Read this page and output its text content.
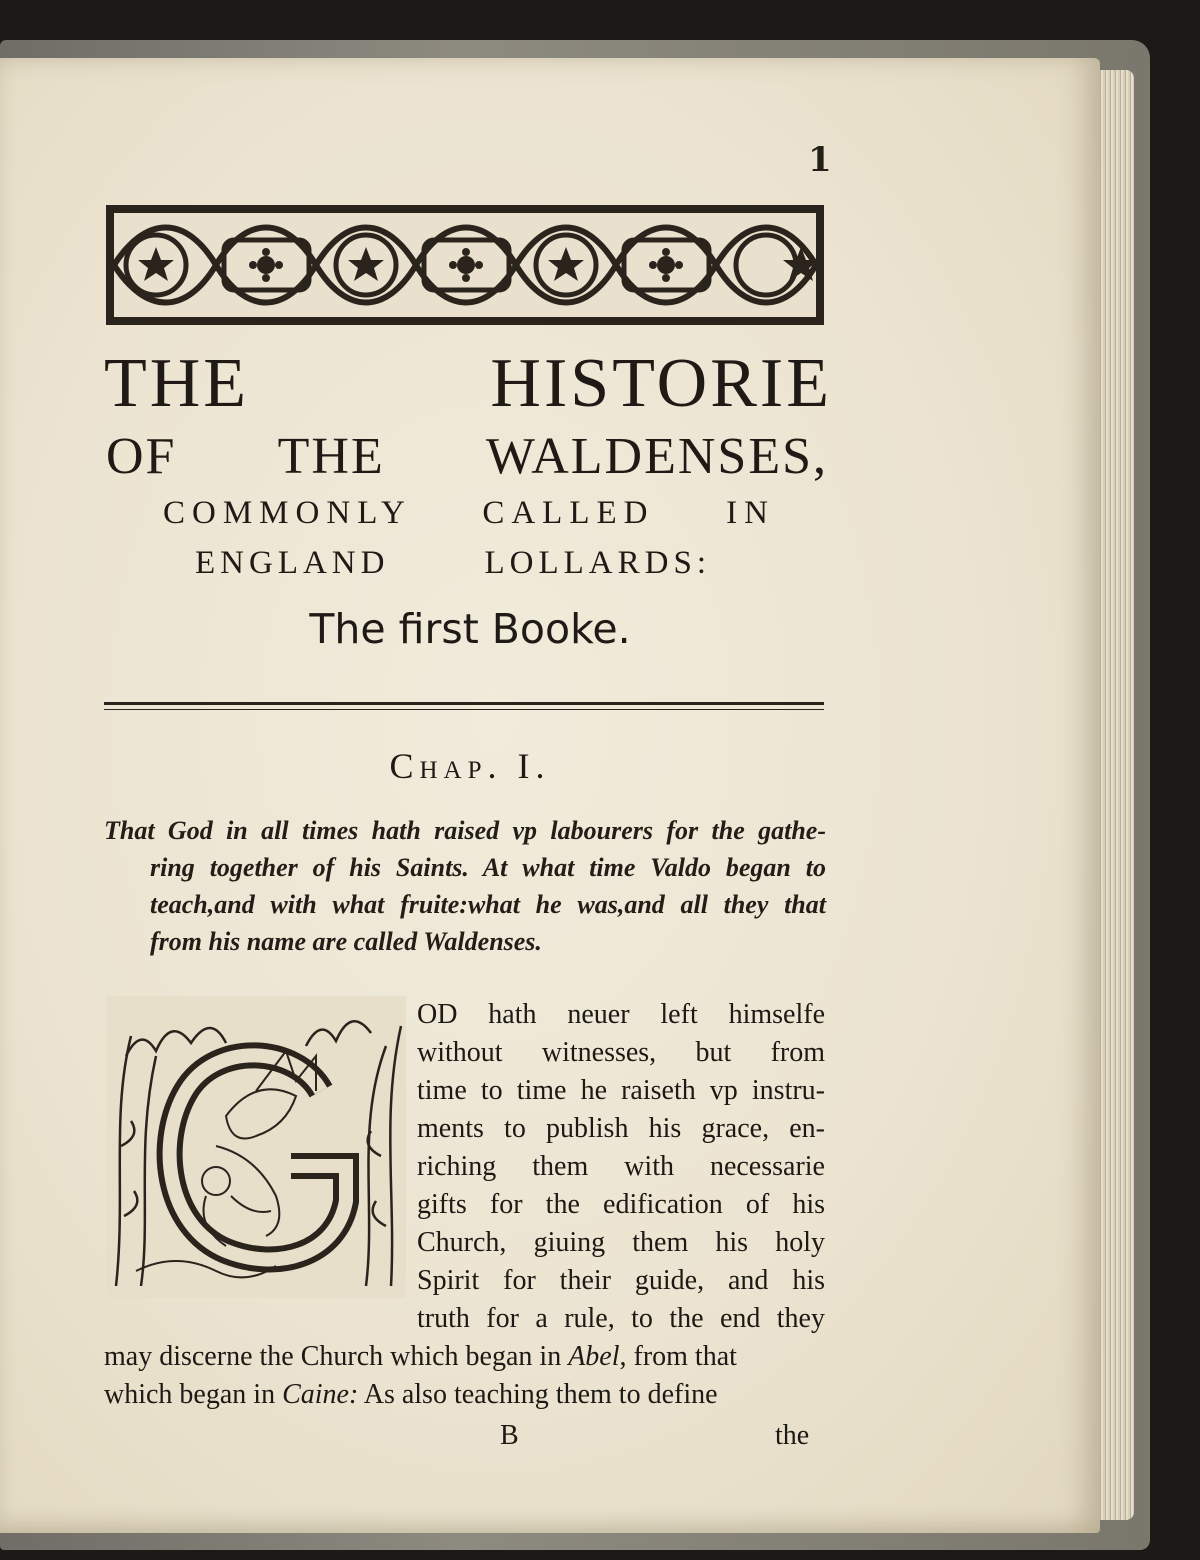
1
THE HISTORIE
OF THE WALDENSES,
COMMONLY CALLED IN
ENGLAND LOLLARDS:
The first Booke.
Chap. I.
That God in all times hath raised vp labourers for the gathe-
ring together of his Saints. At what time Valdo began to
teach,and with what fruite:what he was,and all they that
from his name are called Waldenses.
OD hath neuer left himselfe
without witnesses, but from
time to time he raiseth vp instru-
ments to publish his grace, en-
riching them with necessarie
gifts for the edification of his
Church, giuing them his holy
Spirit for their guide, and his
truth for a rule, to the end they
may discerne the Church which began in Abel, from that
which began in Caine: As also teaching them to define
B	the
